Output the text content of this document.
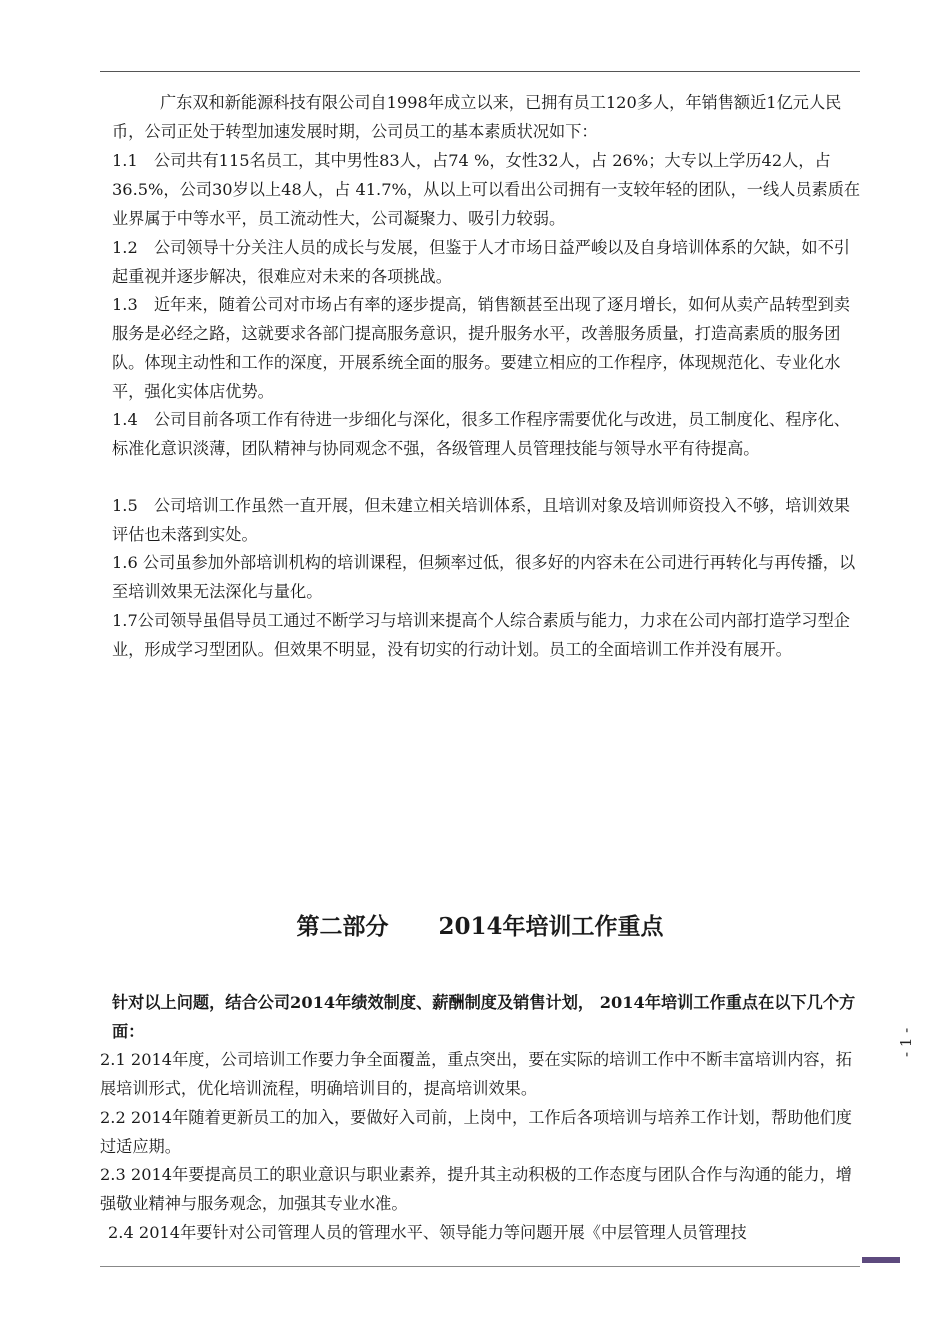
广东双和新能源科技有限公司自1998年成立以来，已拥有员工120多人，年销售额近1亿元人民币，公司正处于转型加速发展时期，公司员工的基本素质状况如下：

1.1　公司共有115名员工，其中男性83人，占74 %，女性32人，占 26%；大专以上学历42人，占36.5%，公司30岁以上48人，占 41.7%，从以上可以看出公司拥有一支较年轻的团队，一线人员素质在业界属于中等水平，员工流动性大，公司凝聚力、吸引力较弱。

1.2　公司领导十分关注人员的成长与发展，但鉴于人才市场日益严峻以及自身培训体系的欠缺，如不引起重视并逐步解决，很难应对未来的各项挑战。

1.3　近年来，随着公司对市场占有率的逐步提高，销售额甚至出现了逐月增长，如何从卖产品转型到卖服务是必经之路，这就要求各部门提高服务意识，提升服务水平，改善服务质量，打造高素质的服务团队。体现主动性和工作的深度，开展系统全面的服务。要建立相应的工作程序，体现规范化、专业化水平，强化实体店优势。

1.4　公司目前各项工作有待进一步细化与深化，很多工作程序需要优化与改进，员工制度化、程序化、标准化意识淡薄，团队精神与协同观念不强，各级管理人员管理技能与领导水平有待提高。

1.5　公司培训工作虽然一直开展，但未建立相关培训体系，且培训对象及培训师资投入不够，培训效果评估也未落到实处。

1.6 公司虽参加外部培训机构的培训课程，但频率过低，很多好的内容未在公司进行再转化与再传播，以至培训效果无法深化与量化。

1.7公司领导虽倡导员工通过不断学习与培训来提高个人综合素质与能力，力求在公司内部打造学习型企业，形成学习型团队。但效果不明显，没有切实的行动计划。员工的全面培训工作并没有展开。

第二部分 2014年培训工作重点

针对以上问题，结合公司2014年绩效制度、薪酬制度及销售计划， 2014年培训工作重点在以下几个方面：

2.1 2014年度，公司培训工作要力争全面覆盖，重点突出，要在实际的培训工作中不断丰富培训内容，拓展培训形式，优化培训流程，明确培训目的，提高培训效果。

2.2 2014年随着更新员工的加入，要做好入司前，上岗中，工作后各项培训与培养工作计划，帮助他们度过适应期。

2.3 2014年要提高员工的职业意识与职业素养，提升其主动积极的工作态度与团队合作与沟通的能力，增强敬业精神与服务观念，加强其专业水准。

2.4 2014年要针对公司管理人员的管理水平、领导能力等问题开展《中层管理人员管理技

- 1 -
